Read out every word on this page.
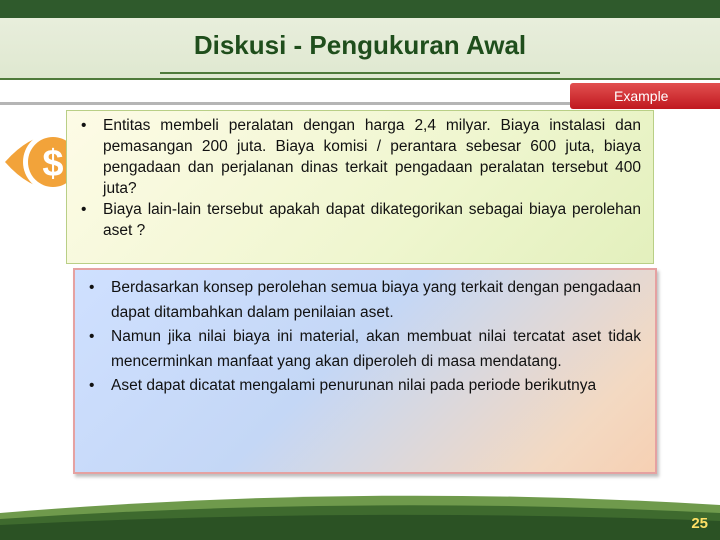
Diskusi - Pengukuran Awal
Example
$
• Entitas membeli peralatan dengan harga 2,4 milyar. Biaya instalasi dan pemasangan 200 juta. Biaya komisi / perantara sebesar 600 juta, biaya pengadaan dan perjalanan dinas terkait pengadaan peralatan tersebut 400 juta?
• Biaya lain-lain tersebut apakah dapat dikategorikan sebagai biaya perolehan aset ?
• Berdasarkan konsep perolehan semua biaya yang terkait dengan pengadaan dapat ditambahkan dalam penilaian aset.
• Namun jika nilai biaya ini material, akan membuat nilai tercatat aset tidak mencerminkan manfaat yang akan diperoleh di masa mendatang.
• Aset dapat dicatat mengalami penurunan nilai pada periode berikutnya
25
